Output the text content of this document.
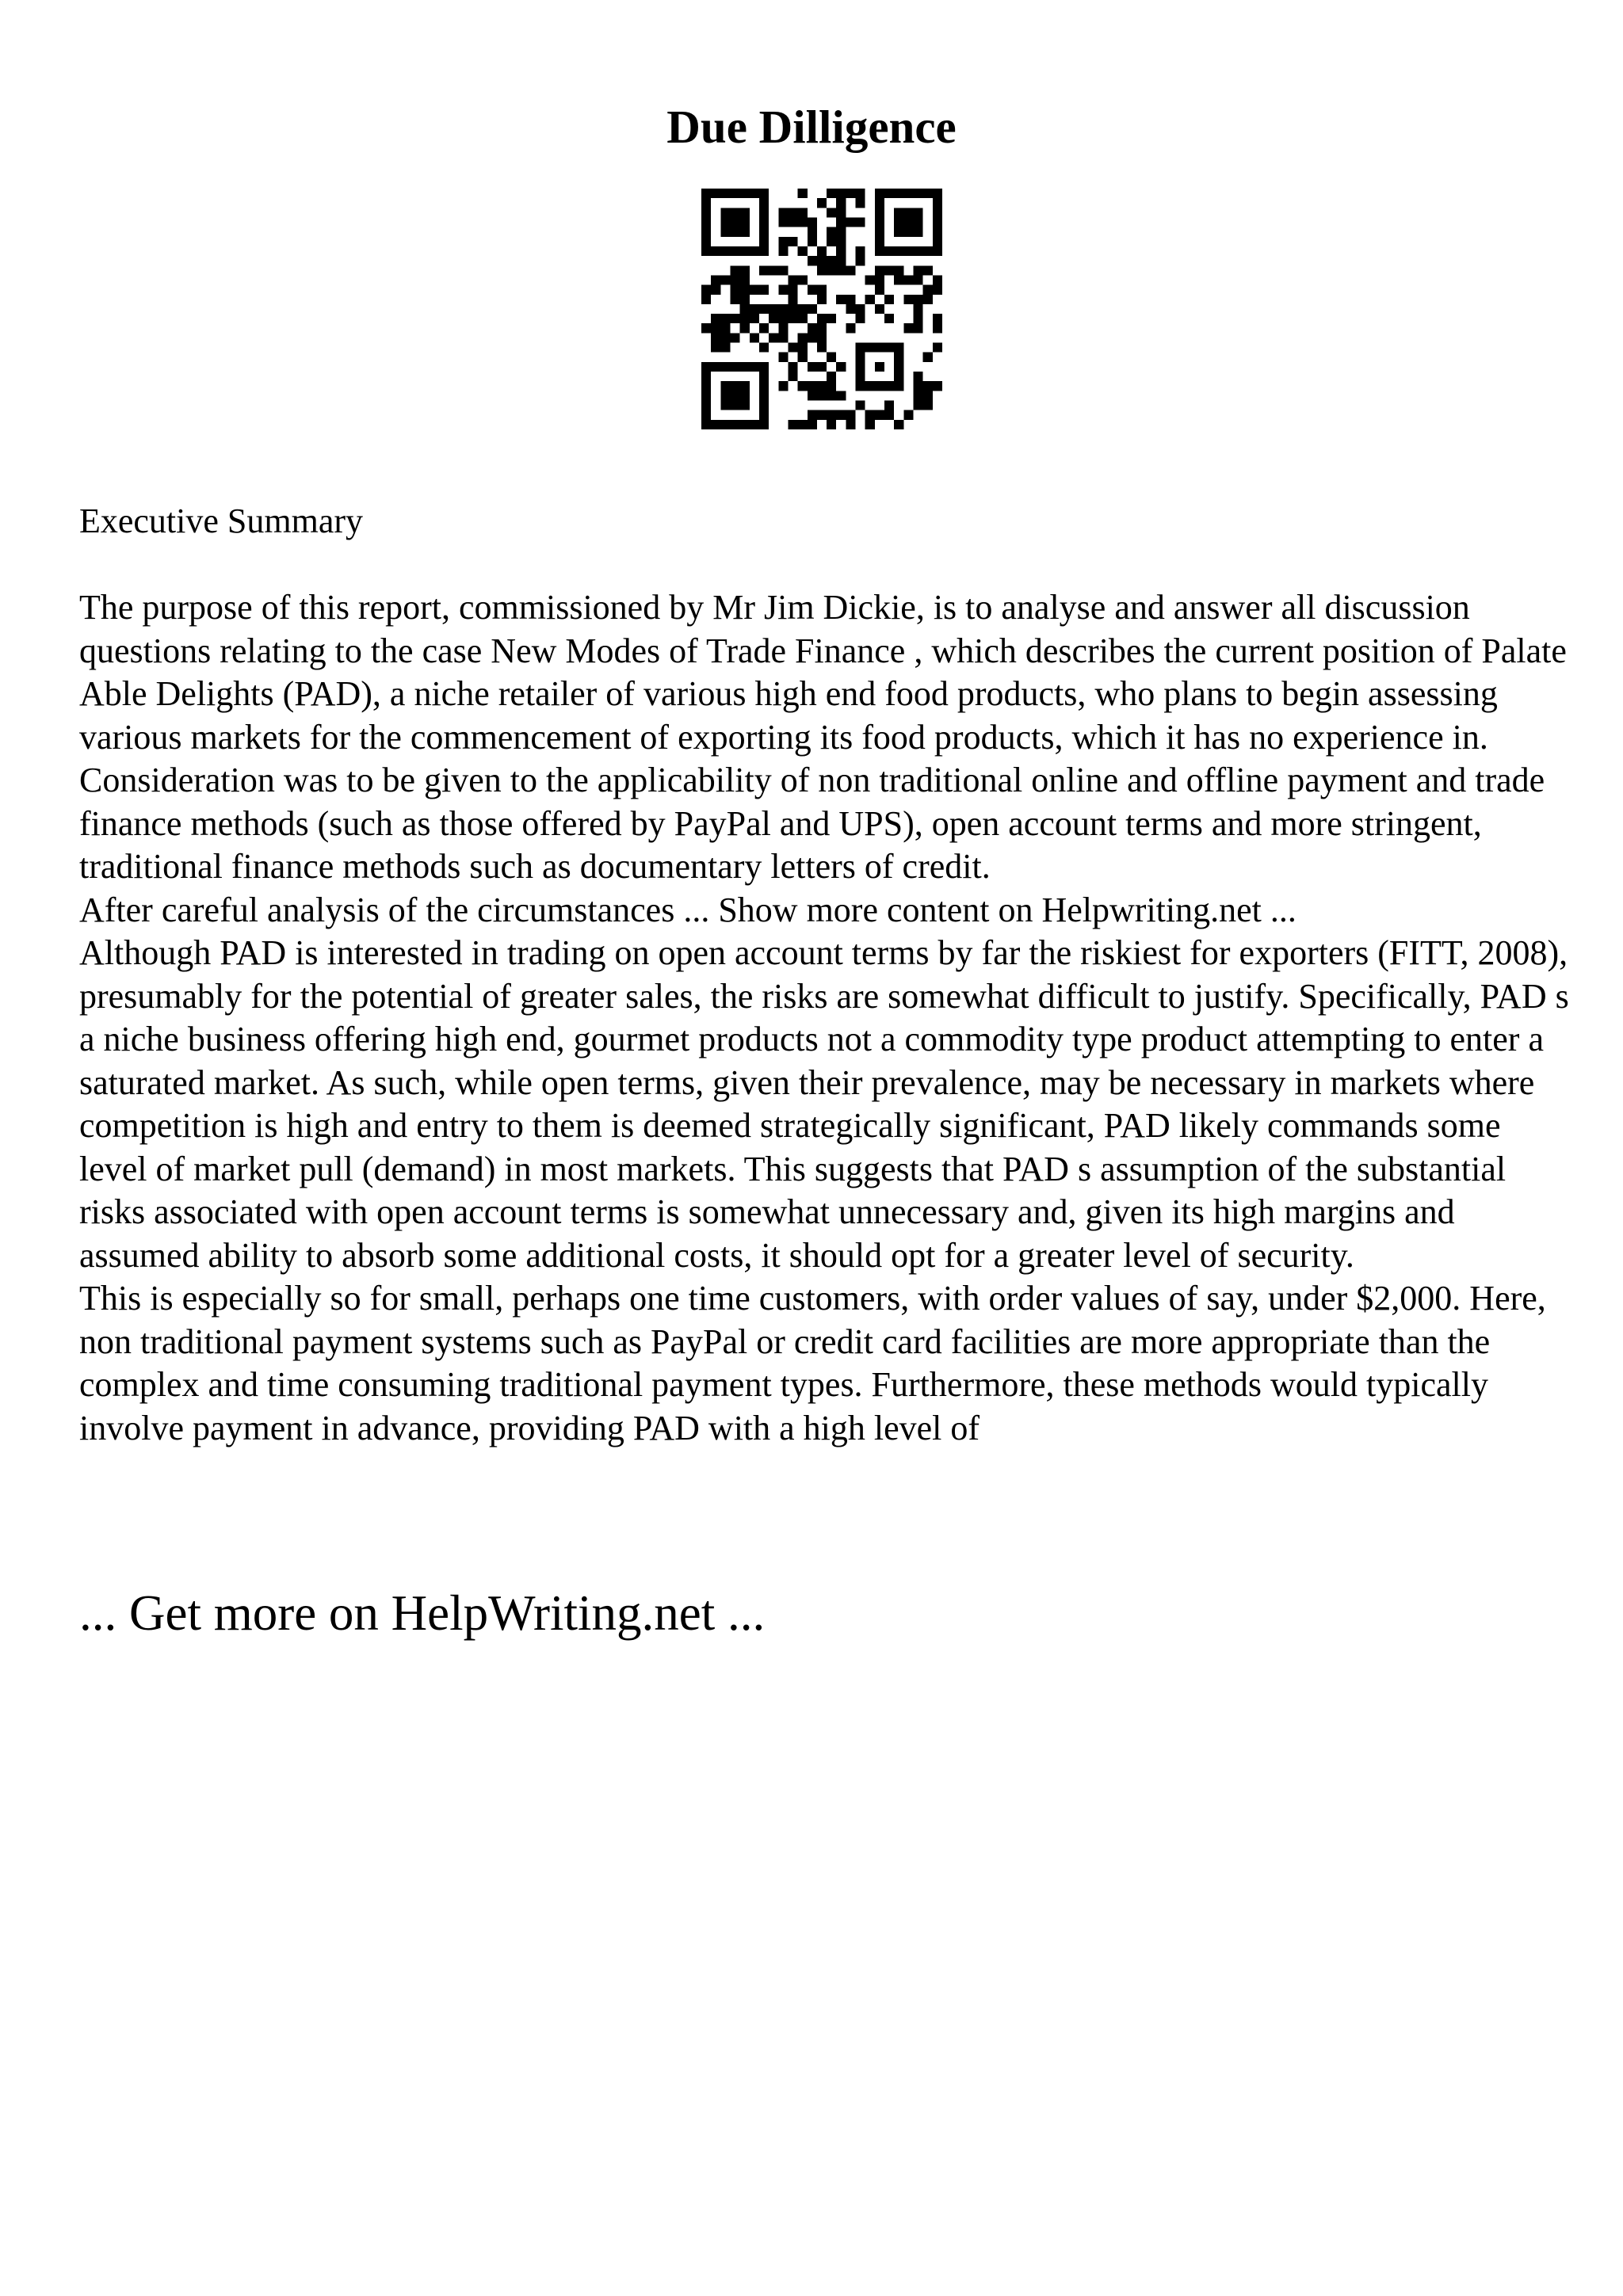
Due Dilligence
Executive Summary

The purpose of this report, commissioned by Mr Jim Dickie, is to analyse and answer all discussion questions relating to the case New Modes of Trade Finance , which describes the current position of Palate Able Delights (PAD), a niche retailer of various high end food products, who plans to begin assessing various markets for the commencement of exporting its food products, which it has no experience in.

Consideration was to be given to the applicability of non traditional online and offline payment and trade finance methods (such as those offered by PayPal and UPS), open account terms and more stringent, traditional finance methods such as documentary letters of credit.

After careful analysis of the circumstances ... Show more content on Helpwriting.net ...

Although PAD is interested in trading on open account terms by far the riskiest for exporters (FITT, 2008), presumably for the potential of greater sales, the risks are somewhat difficult to justify. Specifically, PAD s a niche business offering high end, gourmet products not a commodity type product attempting to enter a saturated market. As such, while open terms, given their prevalence, may be necessary in markets where competition is high and entry to them is deemed strategically significant, PAD likely commands some level of market pull (demand) in most markets. This suggests that PAD s assumption of the substantial risks associated with open account terms is somewhat unnecessary and, given its high margins and assumed ability to absorb some additional costs, it should opt for a greater level of security.

This is especially so for small, perhaps one time customers, with order values of say, under $2,000. Here, non traditional payment systems such as PayPal or credit card facilities are more appropriate than the complex and time consuming traditional payment types. Furthermore, these methods would typically involve payment in advance, providing PAD with a high level of

... Get more on HelpWriting.net ...
